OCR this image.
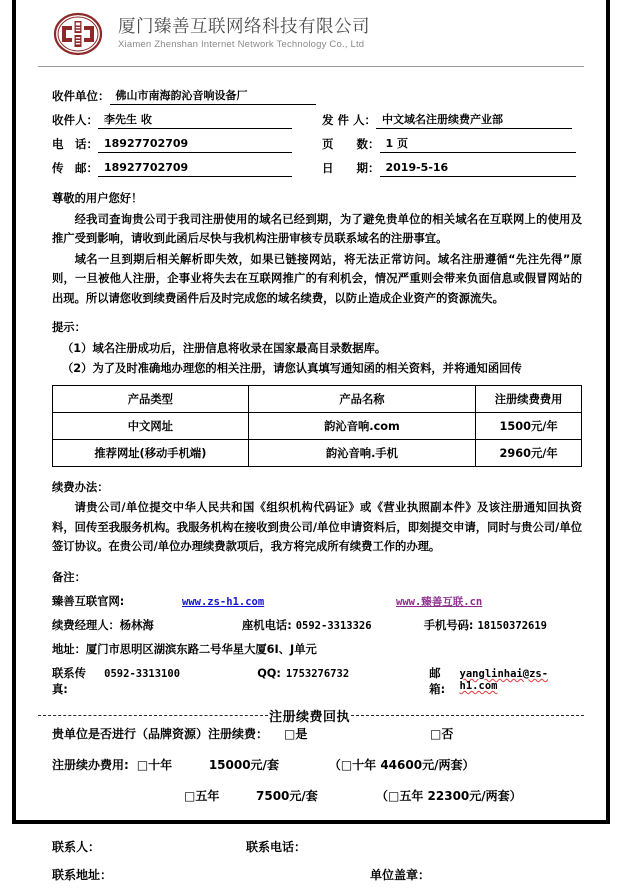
厦门臻善互联网络科技有限公司
Xiamen Zhenshan Internet Network Technology Co., Ltd
收件单位： 佛山市南海韵沁音响设备厂
收件人： 李先生 收	发 件 人： 中文域名注册续费产业部
电　话： 18927702709	页　　数： 1 页
传　邮： 18927702709	日　　期： 2019-5-16
尊敬的用户您好！
经我司查询贵公司于我司注册使用的域名已经到期，为了避免贵单位的相关域名在互联网上的使用及推广受到影响，请收到此函后尽快与我机构注册审核专员联系域名的注册事宜。
域名一旦到期后相关解析即失效，如果已链接网站，将无法正常访问。域名注册遵循“先注先得”原则，一旦被他人注册，企事业将失去在互联网推广的有利机会，情况严重则会带来负面信息或假冒网站的出现。所以请您收到续费函件后及时完成您的域名续费，以防止造成企业资产的资源流失。
提示：
（1）域名注册成功后，注册信息将收录在国家最高目录数据库。
（2）为了及时准确地办理您的相关注册，请您认真填写通知函的相关资料，并将通知函回传
产品类型	产品名称	注册续费费用
中文网址	韵沁音响.com	1500元/年
推荐网址(移动手机端)	韵沁音响.手机	2960元/年
续费办法：
请贵公司/单位提交中华人民共和国《组织机构代码证》或《营业执照副本件》及该注册通知回执资料，回传至我服务机构。我服务机构在接收到贵公司/单位申请资料后，即刻提交申请，同时与贵公司/单位签订协议。在贵公司/单位办理续费款项后，我方将完成所有续费工作的办理。
备注：
臻善互联官网:	www.zs-h1.com	www.臻善互联.cn
续费经理人：杨林海	座机电话: 0592-3313326	手机号码: 18150372619
地址： 厦门市思明区湖滨东路二号华星大厦6I、J单元
联系传真:
0592-3313100	QQ: 1753276732	邮箱:
yanglinhai@zs-h1.com
注册续费回执
贵单位是否进行（品牌资源）注册续费： □是	□否
注册续办费用: □十年	15000元/套	（□十年 44600元/两套）
□五年	7500元/套	（□五年 22300元/两套）
联系人：	联系电话：
联系地址：	单位盖章：
